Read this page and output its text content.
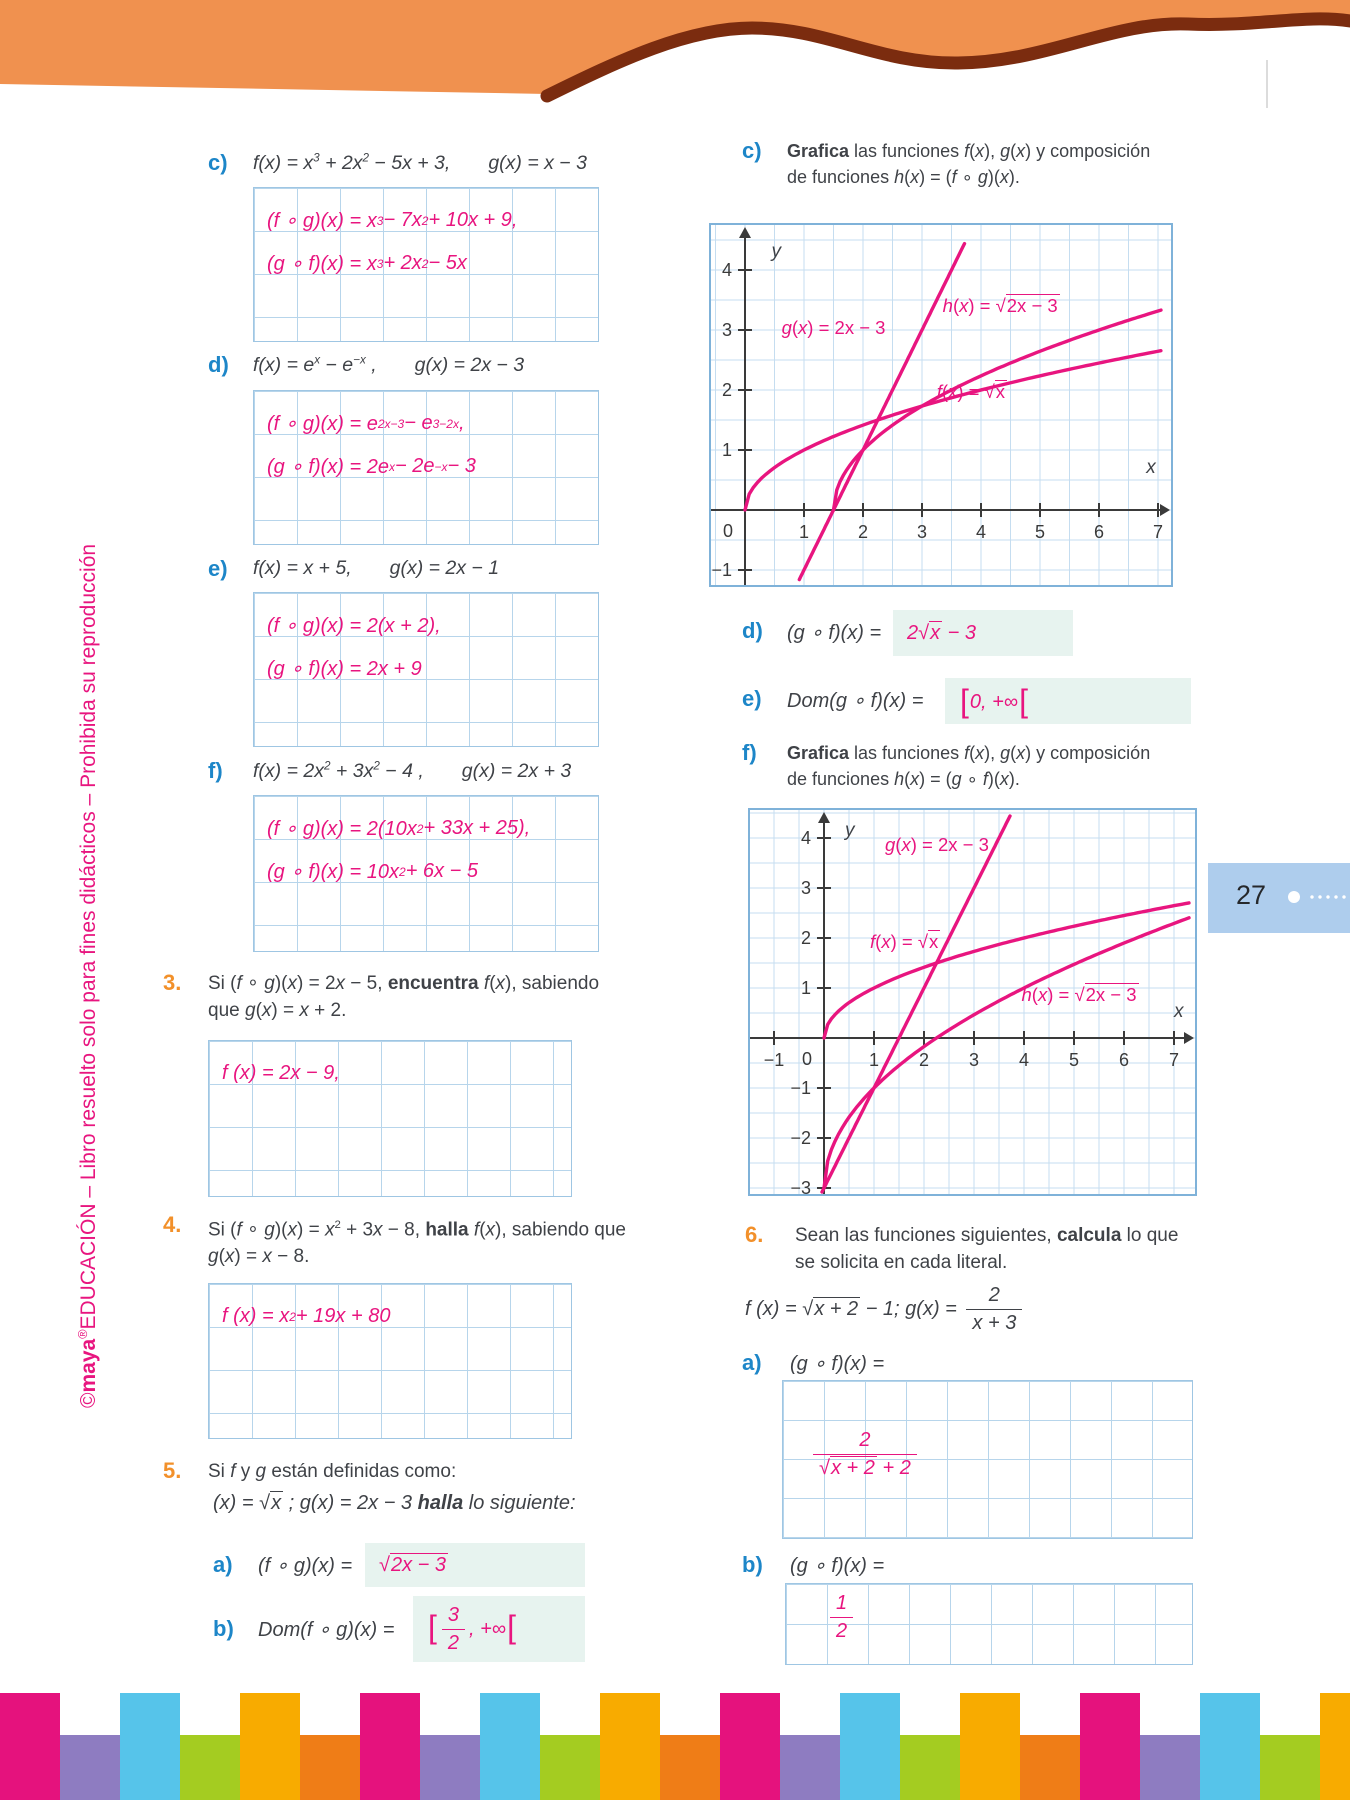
©maya®EDUCACIÓN – Libro resuelto solo para fines didácticos – Prohibida su reproducción
c) $f(x) = x^3 + 2x^2 - 5x + 3$, g(x) = x − 3
(f ∘ g)(x) = x 3 − 7x 2 + 10x + 9,
(g ∘ f)(x) = x 3 + 2x 2 − 5x
d) $f(x) = e^x - e^{-x}$ , g(x) = 2x − 3
(f ∘ g)(x) = e 2x−3 − e 3−2x ,
(g ∘ f)(x) = 2e x − 2e −x − 3
e) f(x) = x + 5, g(x) = 2x − 1
(f ∘ g)(x) = 2(x + 2),
(g ∘ f)(x) = 2x + 9
f) $f(x) = 2x^2 + 3x^2 - 4$ , g(x) = 2x + 3
(f ∘ g)(x) = 2(10x 2 + 33x + 25),
(g ∘ f)(x) = 10x 2 + 6x − 5
3. Si (f ∘ g)(x) = 2x − 5, encuentra f(x), sabiendo que g(x) = x + 2.
f (x) = 2x − 9,
4. Si (f ∘ $g)(x) = x^2 + 3x - 8$, halla f(x), sabiendo que g(x) = x − 8.
f (x) = x 2 + 19x + 80
5. Si f y g están definidas como:
(x) = √x ; g(x) = 2x − 3 halla lo siguiente:
a) (f ∘ g)(x) = √2x − 3
b) Dom(f ∘ g)(x) = [ $\frac{3}{2}$ , +∞[
c) Grafica las funciones f(x), g(x) y composición de funciones h(x) = (f ∘ g)(x).
1	2	3	4	5	6	7
−1
1
2
3
4
0
g(x) = 2x − 3
h(x) = √2x − 3
f(x) = √x
y
x
d) (g ∘ f)(x) = 2√x − 3
e) Dom(g ∘ f)(x) = [0, +∞[
f) Grafica las funciones f(x), g(x) y composición de funciones h(x) = (g ∘ f)(x).
−1	1 2 3 4 5 6 7
−3
−2
−1
1
2
3
4
0
g(x) = 2x − 3
f(x) = √x
h(x) = √2x − 3
y
x
6. Sean las funciones siguientes, calcula lo que se solicita en cada literal.
f (x) = √x + 2 − 1; $g(x) = \frac{2}{x + 3}$
a) (g ∘ f)(x) =
$\frac{2}{√x + 2 + 2}$
b) (g ∘ f)(x) =
$\frac{1}{2}$
27
